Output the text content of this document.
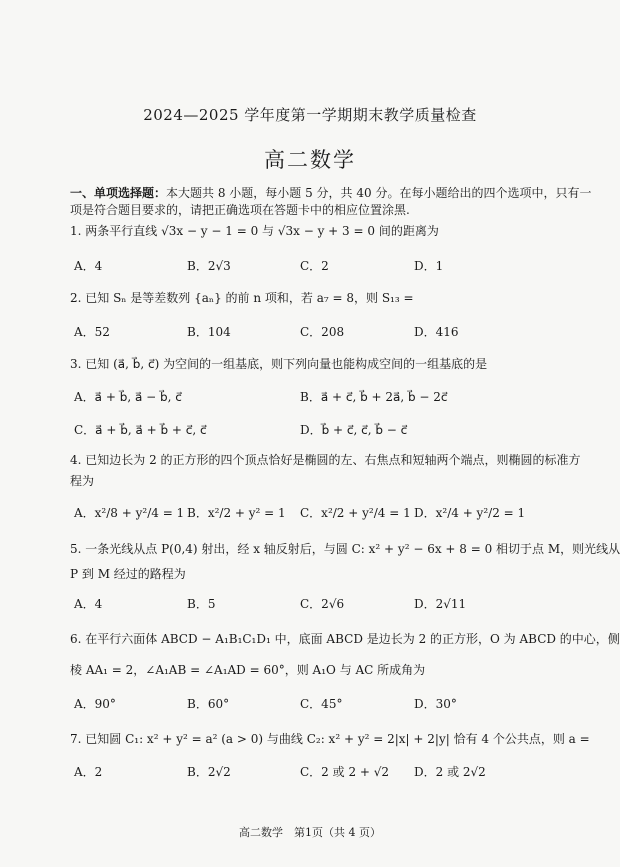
2024—2025 学年度第一学期期末教学质量检查
高二数学
一、单项选择题：本大题共 8 小题，每小题 5 分，共 40 分。在每小题给出的四个选项中，只有一
项是符合题目要求的，请把正确选项在答题卡中的相应位置涂黑.
1. 两条平行直线 √3x − y − 1 = 0 与 √3x − y + 3 = 0 间的距离为
A．4	B．2√3	C．2	D．1
2. 已知 Sₙ 是等差数列 {aₙ} 的前 n 项和，若 a₇ = 8，则 S₁₃ =
A．52	B．104	C．208	D．416
3. 已知 (a⃗, b⃗, c⃗) 为空间的一组基底，则下列向量也能构成空间的一组基底的是
A．a⃗ + b⃗, a⃗ − b⃗, c⃗	B．a⃗ + c⃗, b⃗ + 2a⃗, b⃗ − 2c⃗
C．a⃗ + b⃗, a⃗ + b⃗ + c⃗, c⃗	D．b⃗ + c⃗, c⃗, b⃗ − c⃗
4. 已知边长为 2 的正方形的四个顶点恰好是椭圆的左、右焦点和短轴两个端点，则椭圆的标准方
程为
A．x²/8 + y²/4 = 1 B．x²/2 + y² = 1 C．x²/2 + y²/4 = 1 D．x²/4 + y²/2 = 1
5. 一条光线从点 P(0,4) 射出，经 x 轴反射后，与圆 C: x² + y² − 6x + 8 = 0 相切于点 M，则光线从
P 到 M 经过的路程为
A．4	B．5	C．2√6	D．2√11
6. 在平行六面体 ABCD − A₁B₁C₁D₁ 中，底面 ABCD 是边长为 2 的正方形，O 为 ABCD 的中心，侧
棱 AA₁ = 2，∠A₁AB = ∠A₁AD = 60°，则 A₁O 与 AC 所成角为
A．90°	B．60°	C．45°	D．30°
7. 已知圆 C₁: x² + y² = a² (a > 0) 与曲线 C₂: x² + y² = 2|x| + 2|y| 恰有 4 个公共点，则 a =
A．2	B．2√2	C．2 或 2 + √2 D．2 或 2√2
高二数学　第1页（共 4 页）
